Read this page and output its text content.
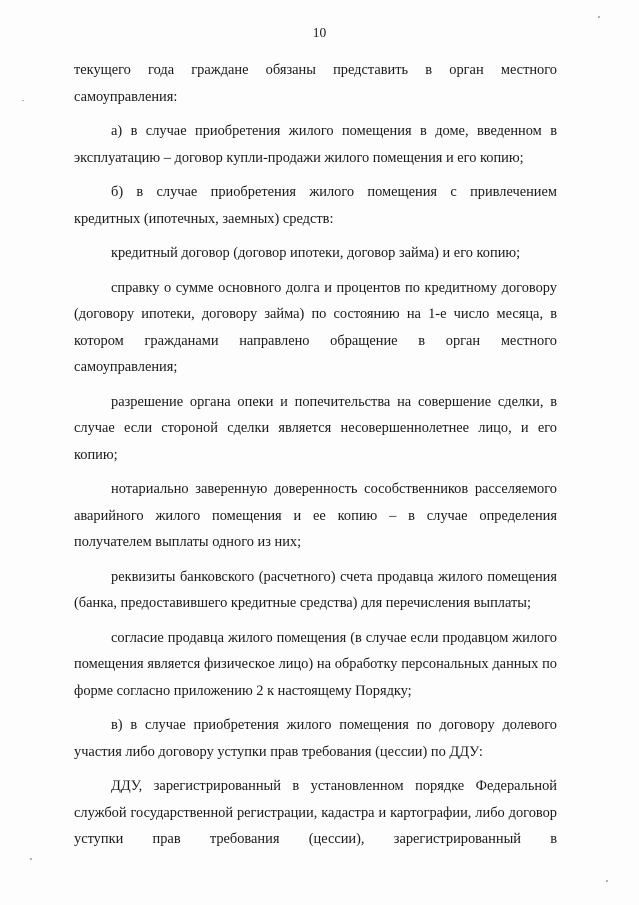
10

текущего года граждане обязаны представить в орган местного самоуправления:

а) в случае приобретения жилого помещения в доме, введенном в эксплуатацию – договор купли-продажи жилого помещения и его копию;

б) в случае приобретения жилого помещения с привлечением кредитных (ипотечных, заемных) средств:

кредитный договор (договор ипотеки, договор займа) и его копию;

справку о сумме основного долга и процентов по кредитному договору (договору ипотеки, договору займа) по состоянию на 1-е число месяца, в котором гражданами направлено обращение в орган местного самоуправления;

разрешение органа опеки и попечительства на совершение сделки, в случае если стороной сделки является несовершеннолетнее лицо, и его копию;

нотариально заверенную доверенность сособственников расселяемого аварийного жилого помещения и ее копию – в случае определения получателем выплаты одного из них;

реквизиты банковского (расчетного) счета продавца жилого помещения (банка, предоставившего кредитные средства) для перечисления выплаты;

согласие продавца жилого помещения (в случае если продавцом жилого помещения является физическое лицо) на обработку персональных данных по форме согласно приложению 2 к настоящему Порядку;

в) в случае приобретения жилого помещения по договору долевого участия либо договору уступки прав требования (цессии) по ДДУ:

ДДУ, зарегистрированный в установленном порядке Федеральной службой государственной регистрации, кадастра и картографии, либо договор уступки прав требования (цессии), зарегистрированный в
